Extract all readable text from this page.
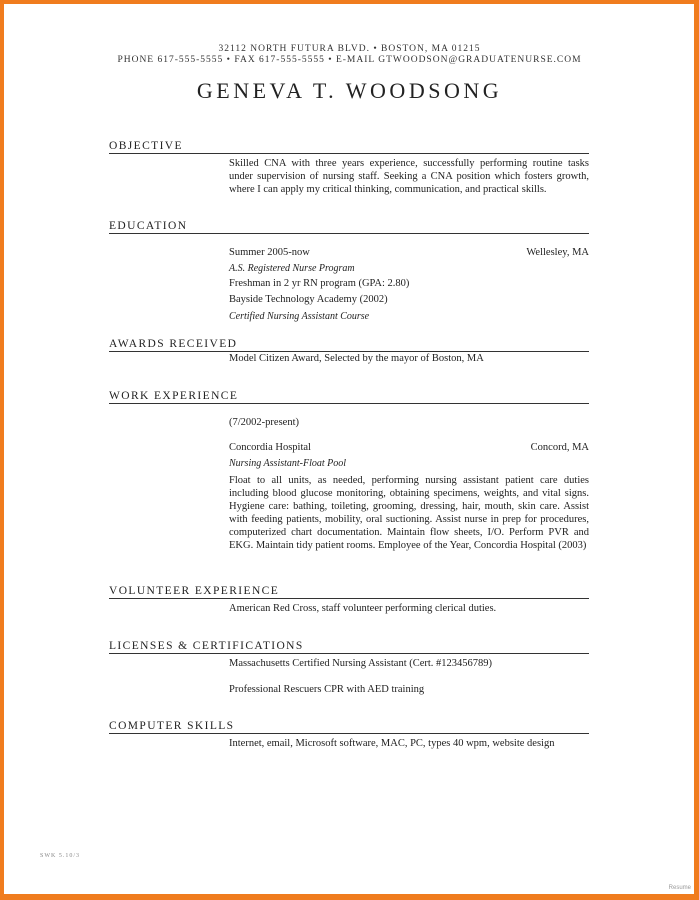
32112 NORTH FUTURA BLVD. • BOSTON, MA 01215
PHONE 617-555-5555 • FAX 617-555-5555 • E-MAIL GTWOODSON@GRADUATENURSE.COM
GENEVA T. WOODSONG
OBJECTIVE

Skilled CNA with three years experience, successfully performing routine tasks under supervision of nursing staff. Seeking a CNA position which fosters growth, where I can apply my critical thinking, communication, and practical skills.

EDUCATION
Summer 2005-now	Wellesley, MA
A.S. Registered Nurse Program
Freshman in 2 yr RN program (GPA: 2.80)
Bayside Technology Academy (2002)
Certified Nursing Assistant Course
AWARDS RECEIVED
Model Citizen Award, Selected by the mayor of Boston, MA
WORK EXPERIENCE
(7/2002-present)
Concordia Hospital	Concord, MA
Nursing Assistant-Float Pool

Float to all units, as needed, performing nursing assistant patient care duties including blood glucose monitoring, obtaining specimens, weights, and vital signs. Hygiene care: bathing, toileting, grooming, dressing, hair, mouth, skin care. Assist with feeding patients, mobility, oral suctioning. Assist nurse in prep for procedures, computerized chart documentation. Maintain flow sheets, I/O. Perform PVR and EKG. Maintain tidy patient rooms. Employee of the Year, Concordia Hospital (2003)

VOLUNTEER EXPERIENCE
American Red Cross, staff volunteer performing clerical duties.
LICENSES & CERTIFICATIONS
Massachusetts Certified Nursing Assistant (Cert. #123456789)
Professional Rescuers CPR with AED training
COMPUTER SKILLS
Internet, email, Microsoft software, MAC, PC, types 40 wpm, website design
SWK 5.10/3
Resume
